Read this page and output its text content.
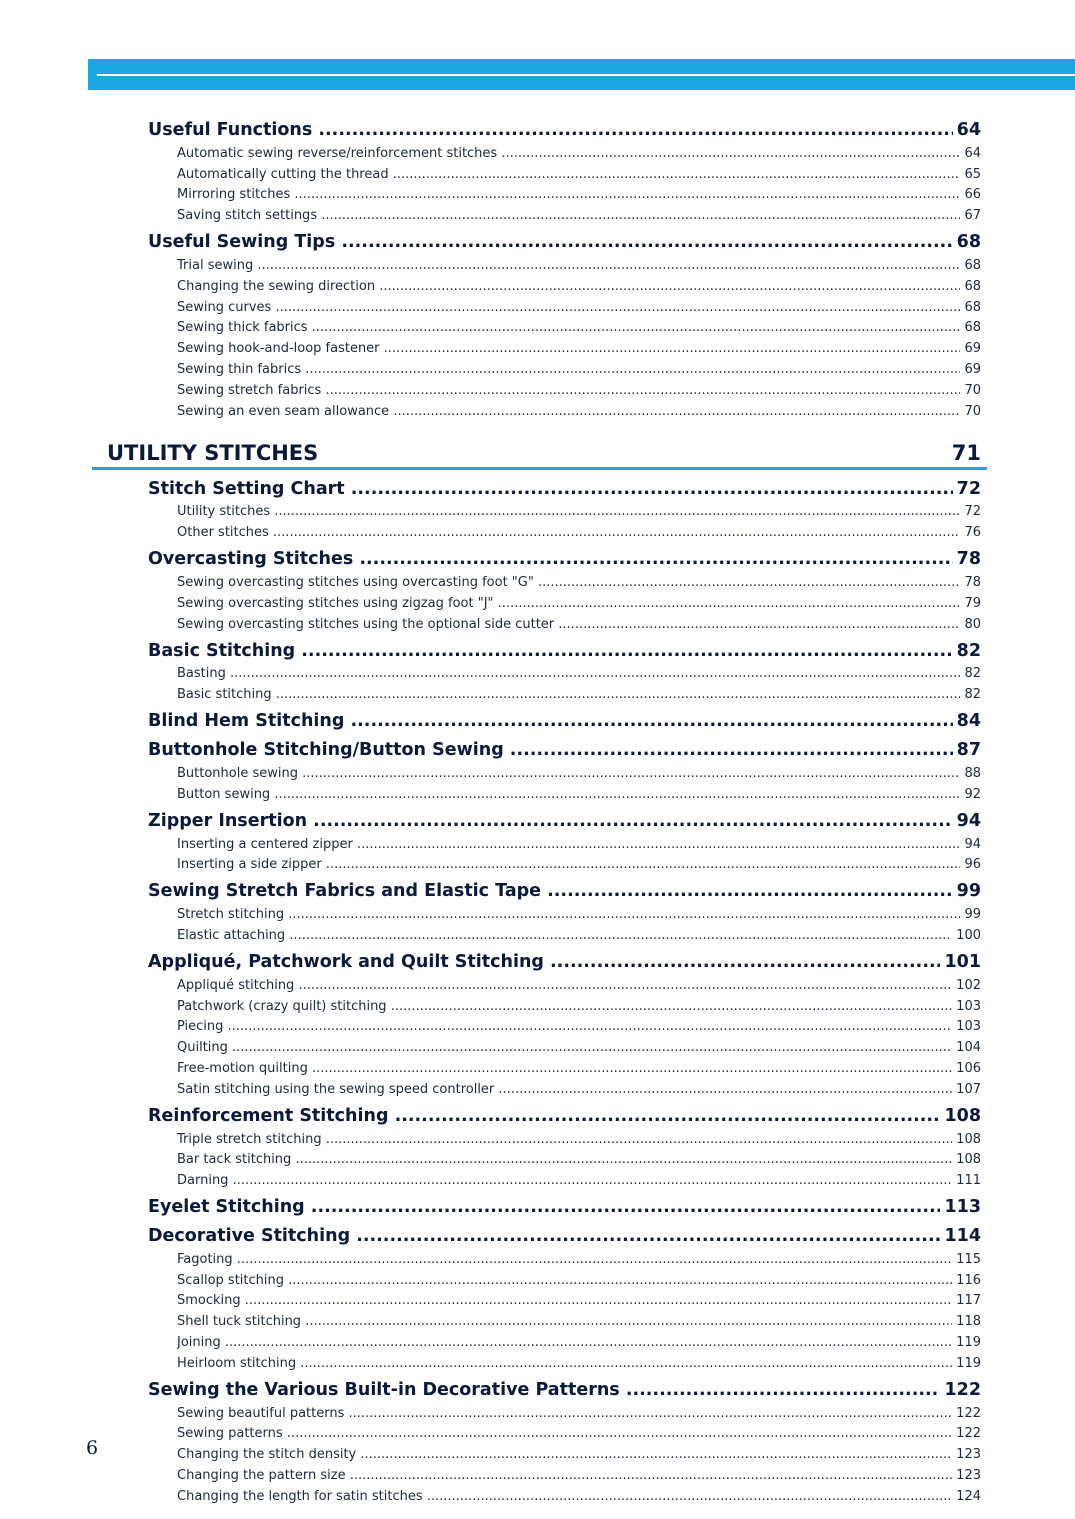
Useful Functions .....	64
Automatic sewing reverse/reinforcement stitches .....	64
Automatically cutting the thread .....	65
Mirroring stitches .....	66
Saving stitch settings .....	67
Useful Sewing Tips .....	68
Trial sewing .....	68
Changing the sewing direction .....	68
Sewing curves .....	68
Sewing thick fabrics .....	68
Sewing hook-and-loop fastener .....	69
Sewing thin fabrics .....	69
Sewing stretch fabrics .....	70
Sewing an even seam allowance .....	70
UTILITY STITCHES	71
Stitch Setting Chart .....	72
Utility stitches .....	72
Other stitches .....	76
Overcasting Stitches .....	78
Sewing overcasting stitches using overcasting foot "G" .....	78
Sewing overcasting stitches using zigzag foot "J" .....	79
Sewing overcasting stitches using the optional side cutter .....	80
Basic Stitching .....	82
Basting .....	82
Basic stitching .....	82
Blind Hem Stitching .....	84
Buttonhole Stitching/Button Sewing .....	87
Buttonhole sewing .....	88
Button sewing .....	92
Zipper Insertion .....	94
Inserting a centered zipper .....	94
Inserting a side zipper .....	96
Sewing Stretch Fabrics and Elastic Tape .....	99
Stretch stitching .....	99
Elastic attaching .....	100
Appliqué, Patchwork and Quilt Stitching .....	101
Appliqué stitching .....	102
Patchwork (crazy quilt) stitching .....	103
Piecing .....	103
Quilting .....	104
Free-motion quilting .....	106
Satin stitching using the sewing speed controller .....	107
Reinforcement Stitching .....	108
Triple stretch stitching .....	108
Bar tack stitching .....	108
Darning .....	111
Eyelet Stitching .....	113
Decorative Stitching .....	114
Fagoting .....	115
Scallop stitching .....	116
Smocking .....	117
Shell tuck stitching .....	118
Joining .....	119
Heirloom stitching .....	119
Sewing the Various Built-in Decorative Patterns .....	122
Sewing beautiful patterns .....	122
Sewing patterns .....	122
Changing the stitch density .....	123
Changing the pattern size .....	123
Changing the length for satin stitches .....	124
6
